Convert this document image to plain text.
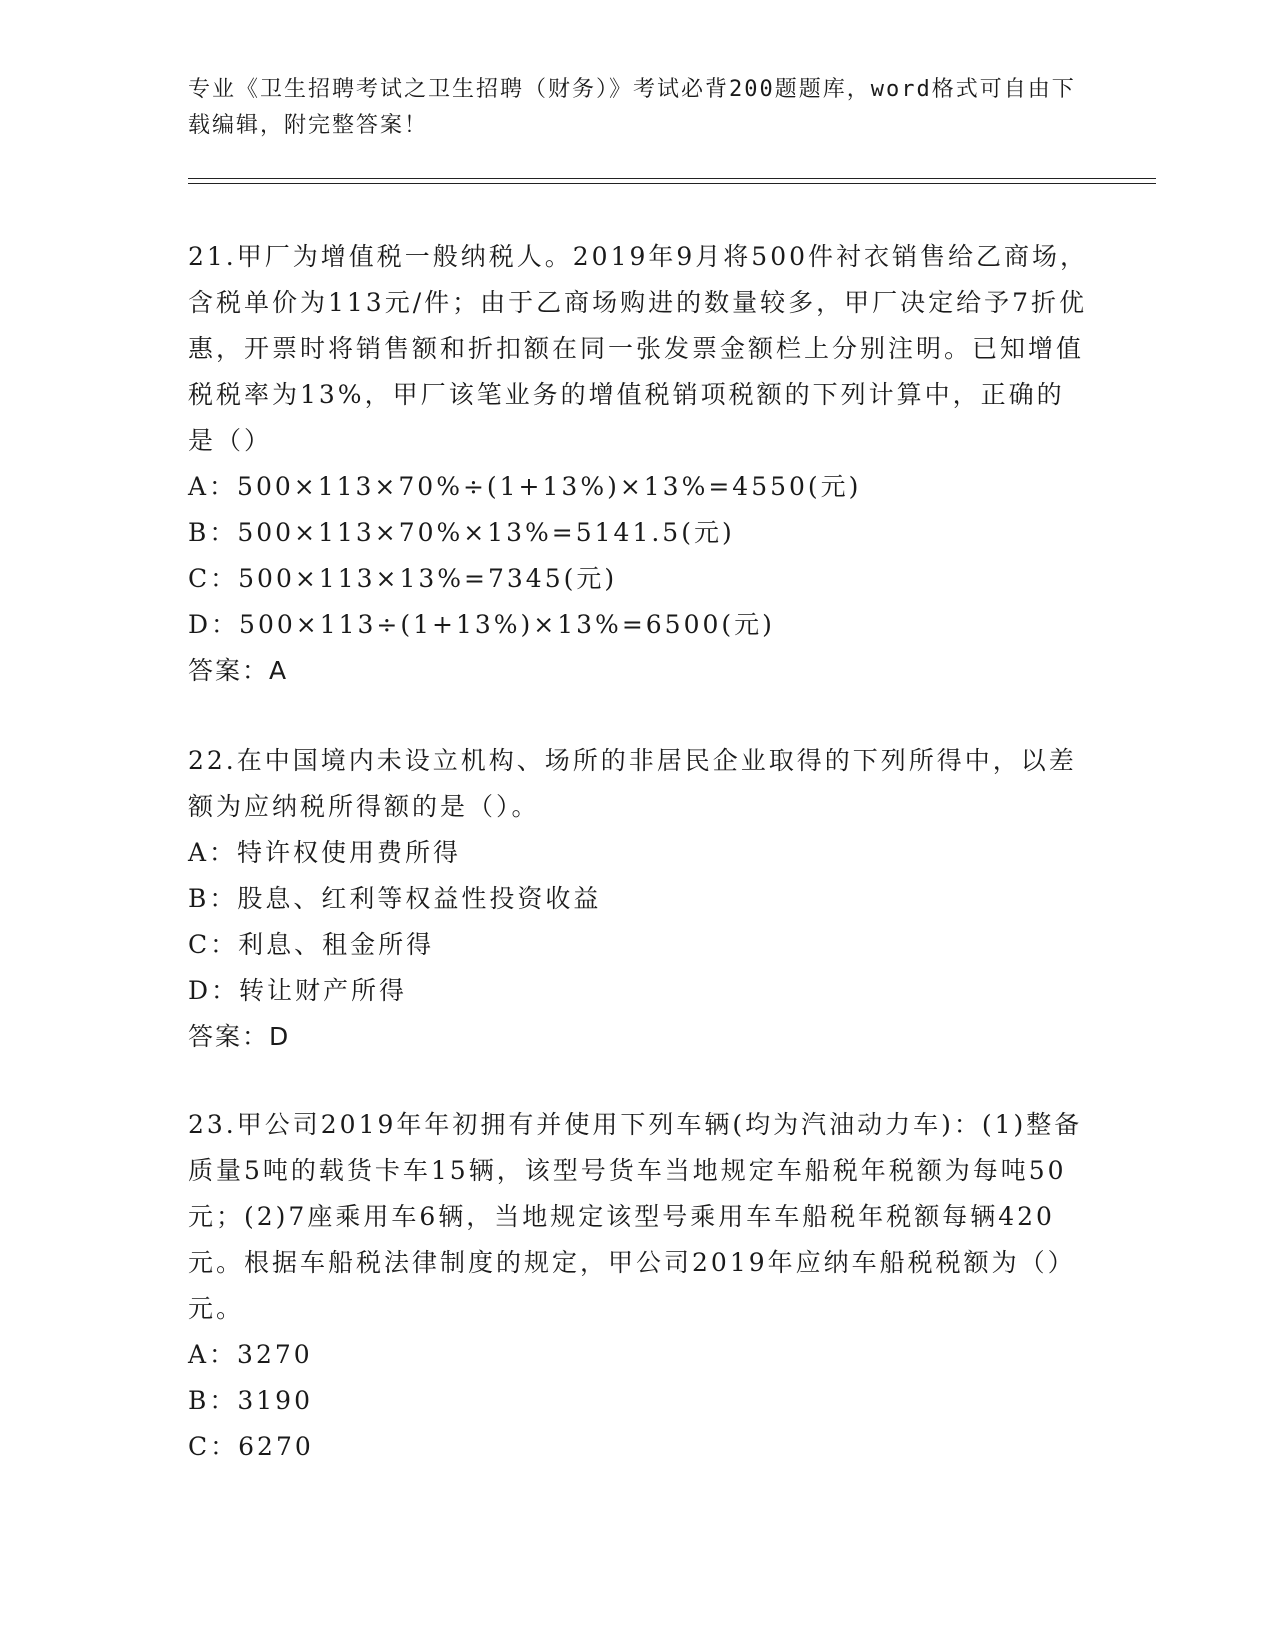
专业《卫生招聘考试之卫生招聘（财务）》考试必背200题题库，word格式可自由下载编辑，附完整答案！

21.甲厂为增值税一般纳税人。2019年9月将500件衬衣销售给乙商场，含税单价为113元/件；由于乙商场购进的数量较多，甲厂决定给予7折优惠，开票时将销售额和折扣额在同一张发票金额栏上分别注明。已知增值税税率为13%，甲厂该笔业务的增值税销项税额的下列计算中，正确的是（）

A：500×113×70%÷(1+13%)×13%=4550(元)

B：500×113×70%×13%=5141.5(元)

C：500×113×13%=7345(元)

D：500×113÷(1+13%)×13%=6500(元)

答案：A

22.在中国境内未设立机构、场所的非居民企业取得的下列所得中，以差额为应纳税所得额的是（）。

A：特许权使用费所得

B：股息、红利等权益性投资收益

C：利息、租金所得

D：转让财产所得

答案：D

23.甲公司2019年年初拥有并使用下列车辆(均为汽油动力车)：(1)整备质量5吨的载货卡车15辆，该型号货车当地规定车船税年税额为每吨50元；(2)7座乘用车6辆，当地规定该型号乘用车车船税年税额每辆420元。根据车船税法律制度的规定，甲公司2019年应纳车船税税额为（）元。

A：3270

B：3190

C：6270
